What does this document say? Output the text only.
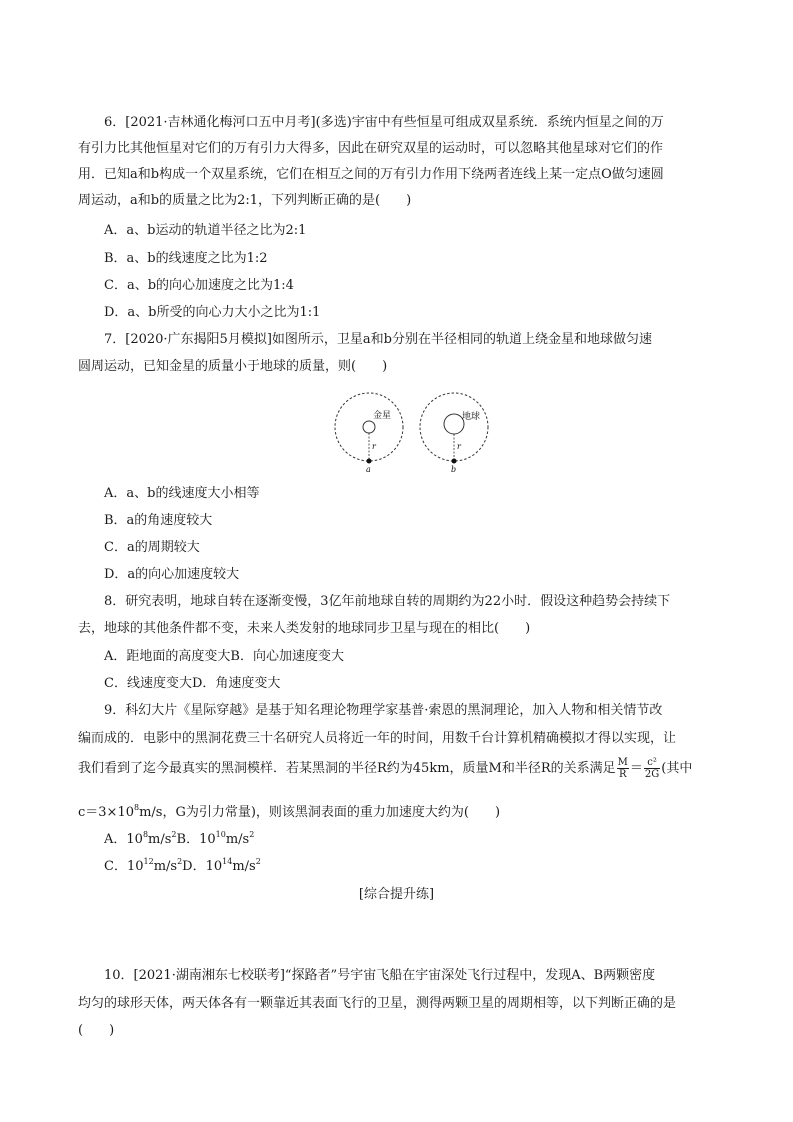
6．[2021·吉林通化梅河口五中月考](多选)宇宙中有些恒星可组成双星系统．系统内恒星之间的万
有引力比其他恒星对它们的万有引力大得多，因此在研究双星的运动时，可以忽略其他星球对它们的作
用．已知a和b构成一个双星系统，它们在相互之间的万有引力作用下绕两者连线上某一定点O做匀速圆
周运动，a和b的质量之比为2:1，下列判断正确的是(　　)
A．a、b运动的轨道半径之比为2:1
B．a、b的线速度之比为1:2
C．a、b的向心加速度之比为1:4
D．a、b所受的向心力大小之比为1:1
7．[2020·广东揭阳5月模拟]如图所示，卫星a和b分别在半径相同的轨道上绕金星和地球做匀速
圆周运动，已知金星的质量小于地球的质量，则(　　)
金星
r
a
地球
r
b
A．a、b的线速度大小相等
B．a的角速度较大
C．a的周期较大
D．a的向心加速度较大
8．研究表明，地球自转在逐渐变慢，3亿年前地球自转的周期约为22小时．假设这种趋势会持续下
去，地球的其他条件都不变，未来人类发射的地球同步卫星与现在的相比(　　)
A．距地面的高度变大B．向心加速度变大
C．线速度变大D．角速度变大
9．科幻大片《星际穿越》是基于知名理论物理学家基普·索恩的黑洞理论，加入人物和相关情节改
编而成的．电影中的黑洞花费三十名研究人员将近一年的时间，用数千台计算机精确模拟才得以实现，让
我们看到了迄今最真实的黑洞模样．若某黑洞的半径R约为45km，质量M和半径R的关系满足 $\frac{M}{R} = \frac{\text{c²}}{2G}$ (其中
$c=3\times 10^8m/s$，G为引力常量)，则该黑洞表面的重力加速度大约为(　　)
A．$10^8m/s^2B$．$10^{10}m/s^2$
C．$10^{12}m/s^2D$．$10^{14}m/s^2$
[综合提升练]
10．[2021·湖南湘东七校联考]“探路者”号宇宙飞船在宇宙深处飞行过程中，发现A、B两颗密度
均匀的球形天体，两天体各有一颗靠近其表面飞行的卫星，测得两颗卫星的周期相等，以下判断正确的是
(　　)
